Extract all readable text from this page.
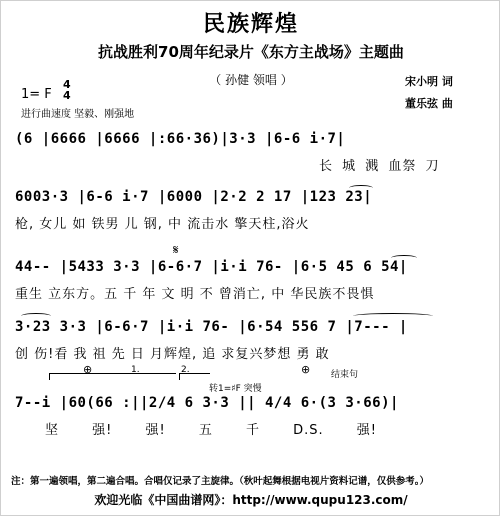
民族辉煌
抗战胜利70周年纪录片《东方主战场》主题曲
（ 孙健 领唱 ）	宋小明 词
董乐弦 曲
1= F
4
4
进行曲速度 坚毅、刚强地
(6 |6666 |6666 |:66·36)|3·3 |6-6 i·7|
长 城 溅 血祭 刀
6003·3 |6-6 i·7 |6000 |2·2 2 17 |123 23|
枪, 女儿 如 铁男 儿 钢, 中 流击水 擎天柱,浴火
𝄋
44-- |5433 3·3 |6-6·7 |i·i 76- |6·5 45 6 54|
重生 立东方。五 千 年 文 明 不 曾消亡, 中 华民族不畏惧
3·23 3·3 |6-6·7 |i·i 76- |6·54 556 7 |7--- |
创 伤!看 我 祖 先 日 月辉煌, 追 求复兴梦想 勇 敢
⊕	⊕ 结束句
1.	2.
转1=♯F 突慢
7--i |60(66 :||2/4 6 3·3 || 4/4 6·(3 3·66)|
坚 强! 强! 五 千 D.S. 强!
注：第一遍领唱，第二遍合唱。合唱仅记录了主旋律。（秋叶起舞根据电视片资料记谱，仅供参考。）
欢迎光临《中国曲谱网》：http://www.qupu123.com/
